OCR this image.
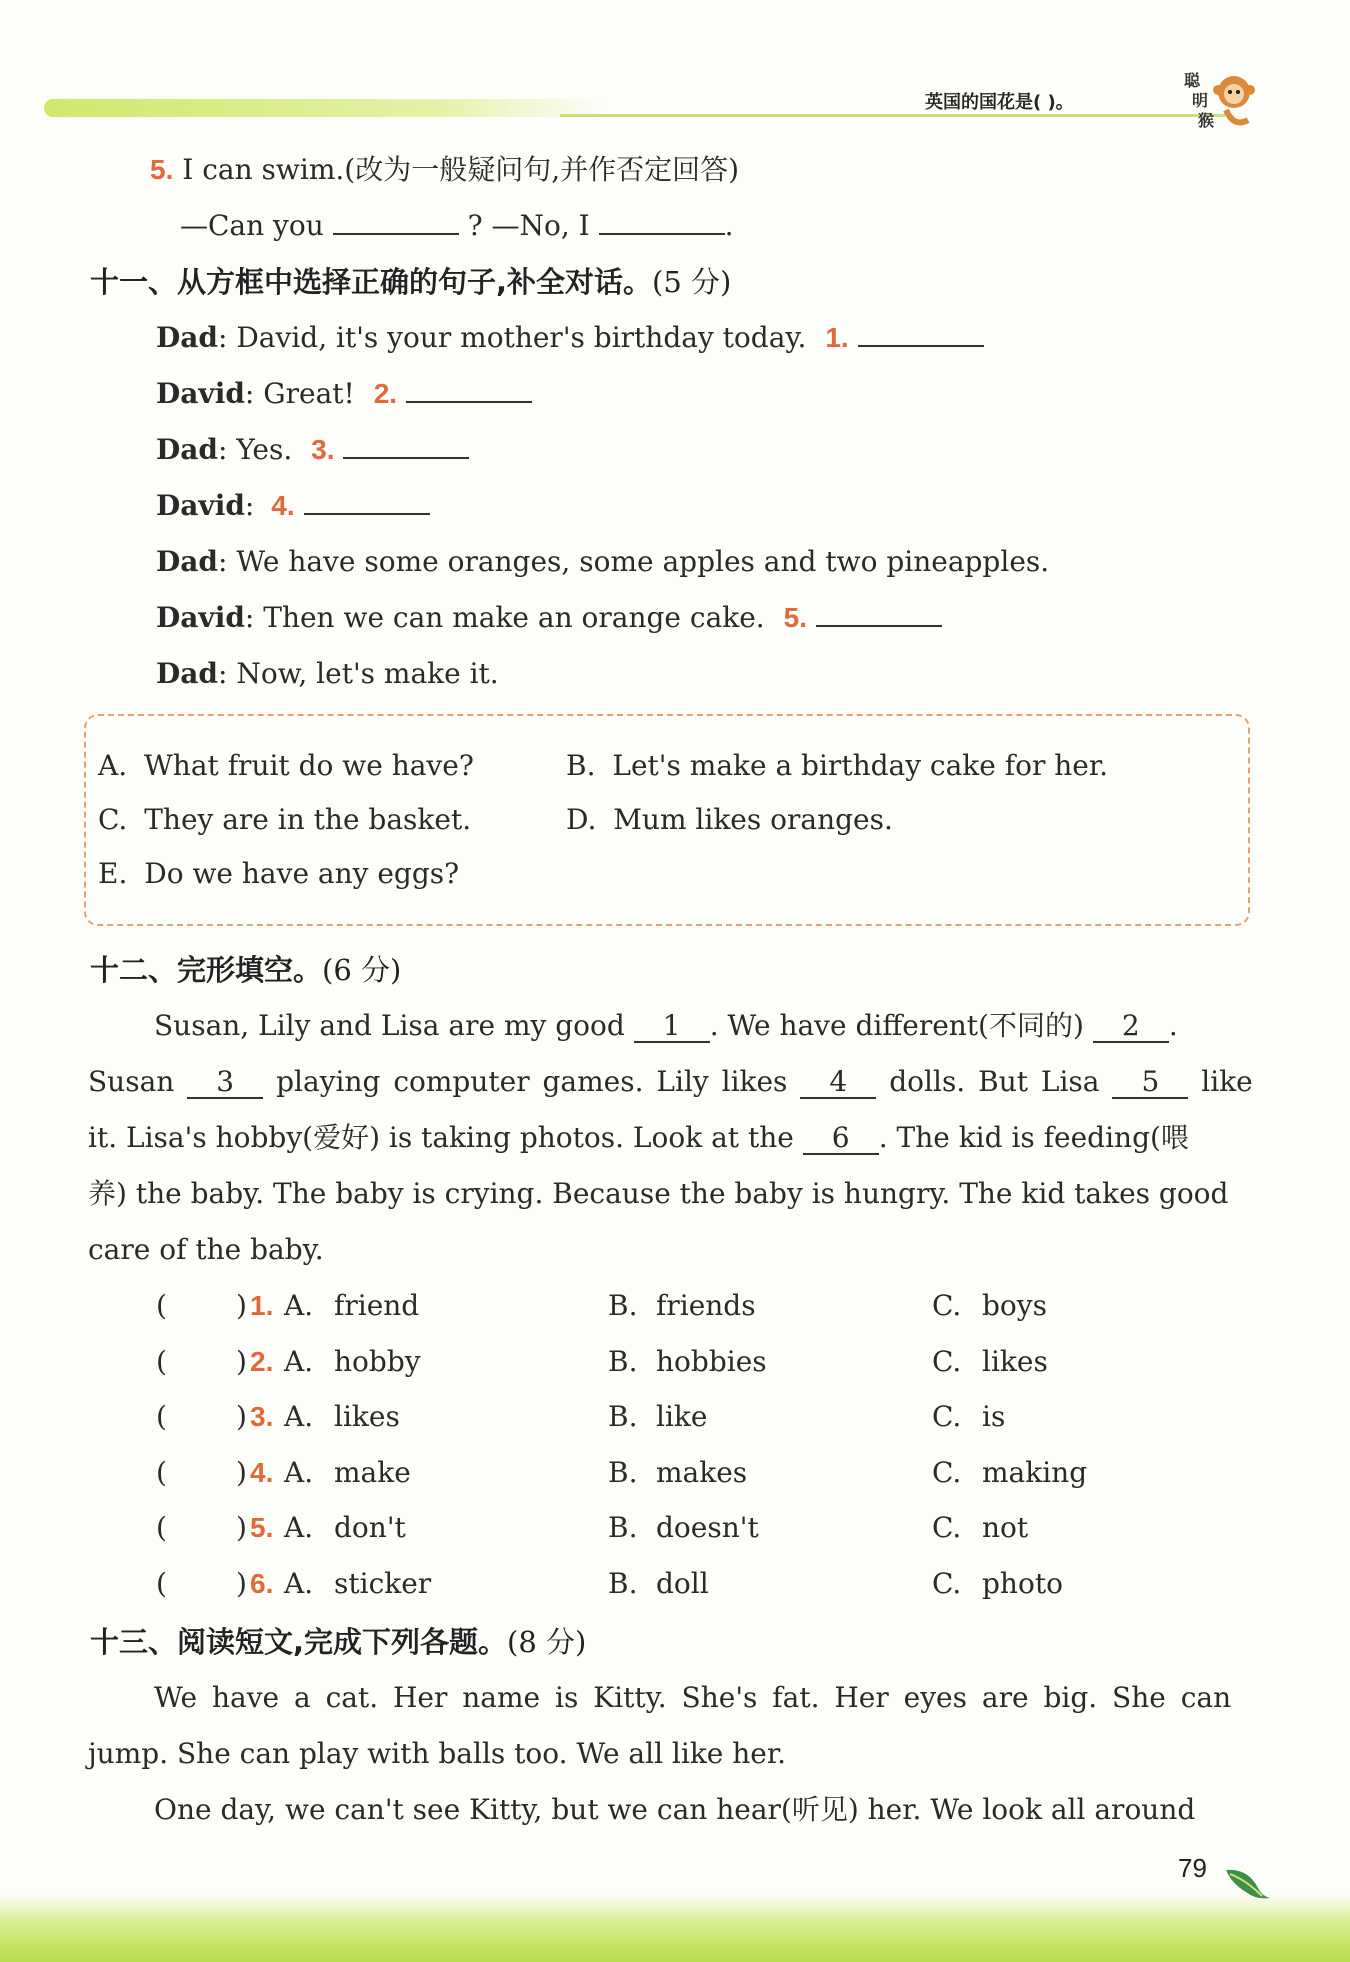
英国的国花是( )。
聪
明
猴
5. I can swim.(改为一般疑问句,并作否定回答)
—Can you	? —No, I	.
十一、从方框中选择正确的句子,补全对话。(5 分)
Dad: David, it's your mother's birthday today. 1.
David: Great! 2.
Dad: Yes. 3.
David: 4.
Dad: We have some oranges, some apples and two pineapples.
David: Then we can make an orange cake. 5.
Dad: Now, let's make it.
A. What fruit do we have?	B. Let's make a birthday cake for her.
C. They are in the basket.	D. Mum likes oranges.
E. Do we have any eggs?
十二、完形填空。(6 分)
Susan, Lily and Lisa are my good 1 . We have different(不同的) 2 .
Susan 3 playing computer games. Lily likes 4 dolls. But Lisa 5 like
it. Lisa's hobby(爱好) is taking photos. Look at the 6 . The kid is feeding(喂
养) the baby. The baby is crying. Because the baby is hungry. The kid takes good
care of the baby.
( ) 1. A. friend	B. friends	C. boys
( ) 2. A. hobby	B. hobbies	C. likes
( ) 3. A. likes	B. like	C. is
( ) 4. A. make	B. makes	C. making
( ) 5. A. don't	B. doesn't	C. not
( ) 6. A. sticker	B. doll	C. photo
十三、阅读短文,完成下列各题。(8 分)
We have a cat. Her name is Kitty. She's fat. Her eyes are big. She can
jump. She can play with balls too. We all like her.
One day, we can't see Kitty, but we can hear(听见) her. We look all around
79
